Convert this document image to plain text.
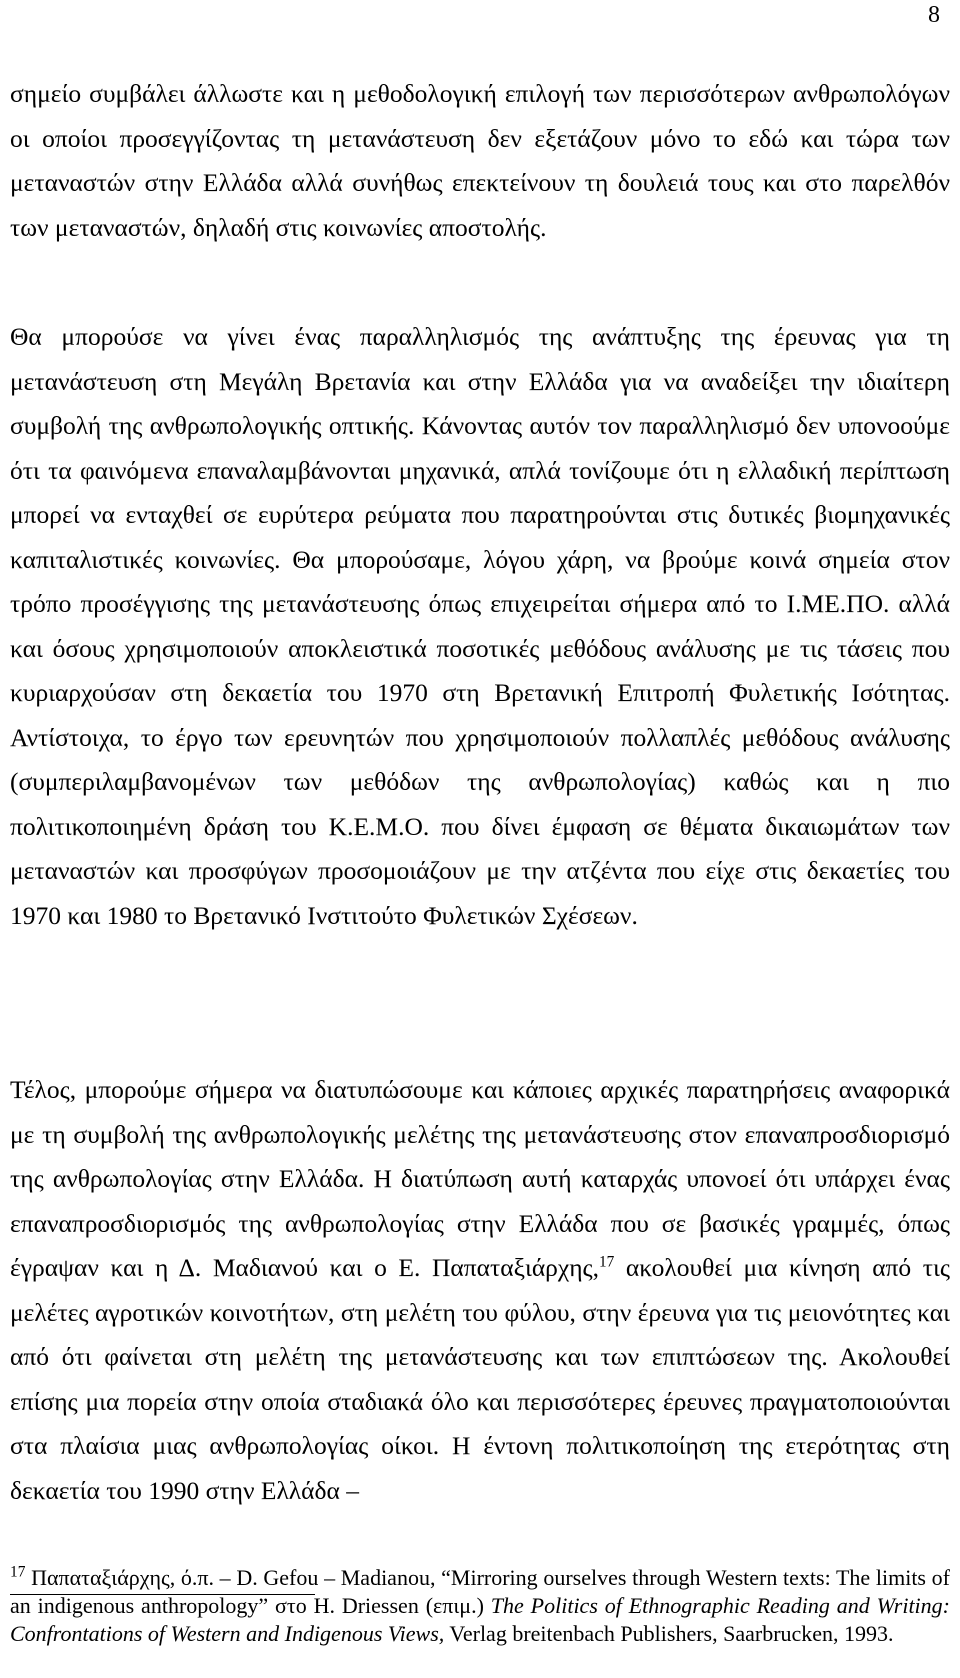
8

σημείο συμβάλει άλλωστε και η μεθοδολογική επιλογή των περισσότερων ανθρωπολόγων οι οποίοι προσεγγίζοντας τη μετανάστευση δεν εξετάζουν μόνο το εδώ και τώρα των μεταναστών στην Ελλάδα αλλά συνήθως επεκτείνουν τη δουλειά τους και στο παρελθόν των μεταναστών, δηλαδή στις κοινωνίες αποστολής.

Θα μπορούσε να γίνει ένας παραλληλισμός της ανάπτυξης της έρευνας για τη μετανάστευση στη Μεγάλη Βρετανία και στην Ελλάδα για να αναδείξει την ιδιαίτερη συμβολή της ανθρωπολογικής οπτικής. Κάνοντας αυτόν τον παραλληλισμό δεν υπονοούμε ότι τα φαινόμενα επαναλαμβάνονται μηχανικά, απλά τονίζουμε ότι η ελλαδική περίπτωση μπορεί να ενταχθεί σε ευρύτερα ρεύματα που παρατηρούνται στις δυτικές βιομηχανικές καπιταλιστικές κοινωνίες. Θα μπορούσαμε, λόγου χάρη, να βρούμε κοινά σημεία στον τρόπο προσέγγισης της μετανάστευσης όπως επιχειρείται σήμερα από το Ι.ΜΕ.ΠΟ. αλλά και όσους χρησιμοποιούν αποκλειστικά ποσοτικές μεθόδους ανάλυσης με τις τάσεις που κυριαρχούσαν στη δεκαετία του 1970 στη Βρετανική Επιτροπή Φυλετικής Ισότητας. Αντίστοιχα, το έργο των ερευνητών που χρησιμοποιούν πολλαπλές μεθόδους ανάλυσης (συμπεριλαμβανομένων των μεθόδων της ανθρωπολογίας) καθώς και η πιο πολιτικοποιημένη δράση του Κ.Ε.Μ.Ο. που δίνει έμφαση σε θέματα δικαιωμάτων των μεταναστών και προσφύγων προσομοιάζουν με την ατζέντα που είχε στις δεκαετίες του 1970 και 1980 το Βρετανικό Ινστιτούτο Φυλετικών Σχέσεων.

Τέλος, μπορούμε σήμερα να διατυπώσουμε και κάποιες αρχικές παρατηρήσεις αναφορικά με τη συμβολή της ανθρωπολογικής μελέτης της μετανάστευσης στον επαναπροσδιορισμό της ανθρωπολογίας στην Ελλάδα. Η διατύπωση αυτή καταρχάς υπονοεί ότι υπάρχει ένας επαναπροσδιορισμός της ανθρωπολογίας στην Ελλάδα που σε βασικές γραμμές, όπως έγραψαν και η Δ. Μαδιανού και ο Ε. Παπαταξιάρχης,$^{17}$ ακολουθεί μια κίνηση από τις μελέτες αγροτικών κοινοτήτων, στη μελέτη του φύλου, στην έρευνα για τις μειονότητες και από ότι φαίνεται στη μελέτη της μετανάστευσης και των επιπτώσεων της. Ακολουθεί επίσης μια πορεία στην οποία σταδιακά όλο και περισσότερες έρευνες πραγματοποιούνται στα πλαίσια μιας ανθρωπολογίας οίκοι. Η έντονη πολιτικοποίηση της ετερότητας στη δεκαετία του 1990 στην Ελλάδα –

$^{17}$ Παπαταξιάρχης, ό.π. – D. Gefou – Madianou, “Mirroring ourselves through Western texts: The limits of an indigenous anthropology” στο H. Driessen (επιμ.) The Politics of Ethnographic Reading and Writing: Confrontations of Western and Indigenous Views, Verlag breitenbach Publishers, Saarbrucken, 1993.
